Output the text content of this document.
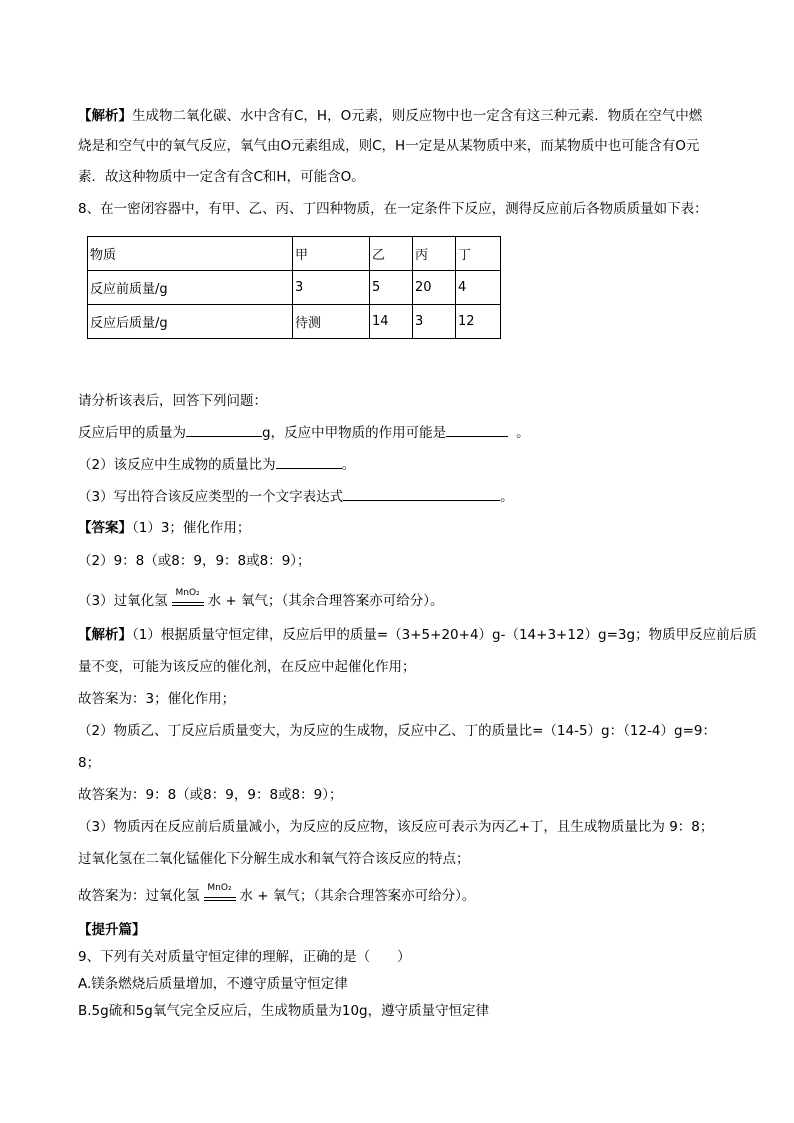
【解析】生成物二氧化碳、水中含有C，H，O元素，则反应物中也一定含有这三种元素．物质在空气中燃
烧是和空气中的氧气反应，氧气由O元素组成，则C，H一定是从某物质中来，而某物质中也可能含有O元
素．故这种物质中一定含有含C和H，可能含O。
8、在一密闭容器中，有甲、乙、丙、丁四种物质，在一定条件下反应，测得反应前后各物质质量如下表：
物质	甲	乙	丙	丁
反应前质量/g	3	5	20	4
反应后质量/g	待测	14	3	12
请分析该表后，回答下列问题：
反应后甲的质量为	g，反应中甲物质的作用可能是	。
（2）该反应中生成物的质量比为	。
（3）写出符合该反应类型的一个文字表达式	。
【答案】（1）3；催化作用；
（2）9：8（或8：9，9：8或8：9）；
（3）过氧化氢 MnO₂ 水 + 氧气；（其余合理答案亦可给分）。
【解析】（1）根据质量守恒定律，反应后甲的质量=（3+5+20+4）g-（14+3+12）g=3g；物质甲反应前后质
量不变，可能为该反应的催化剂，在反应中起催化作用；
故答案为：3；催化作用；
（2）物质乙、丁反应后质量变大，为反应的生成物，反应中乙、丁的质量比=（14-5）g：（12-4）g=9：
8；
故答案为：9：8（或8：9，9：8或8：9）；
（3）物质丙在反应前后质量减小，为反应的反应物，该反应可表示为丙乙+丁，且生成物质量比为 9：8；
过氧化氢在二氧化锰催化下分解生成水和氧气符合该反应的特点；
故答案为：过氧化氢 MnO₂ 水 + 氧气；（其余合理答案亦可给分）。
【提升篇】
9、下列有关对质量守恒定律的理解，正确的是（　　）
A.镁条燃烧后质量增加，不遵守质量守恒定律
B.5g硫和5g氧气完全反应后，生成物质量为10g，遵守质量守恒定律
